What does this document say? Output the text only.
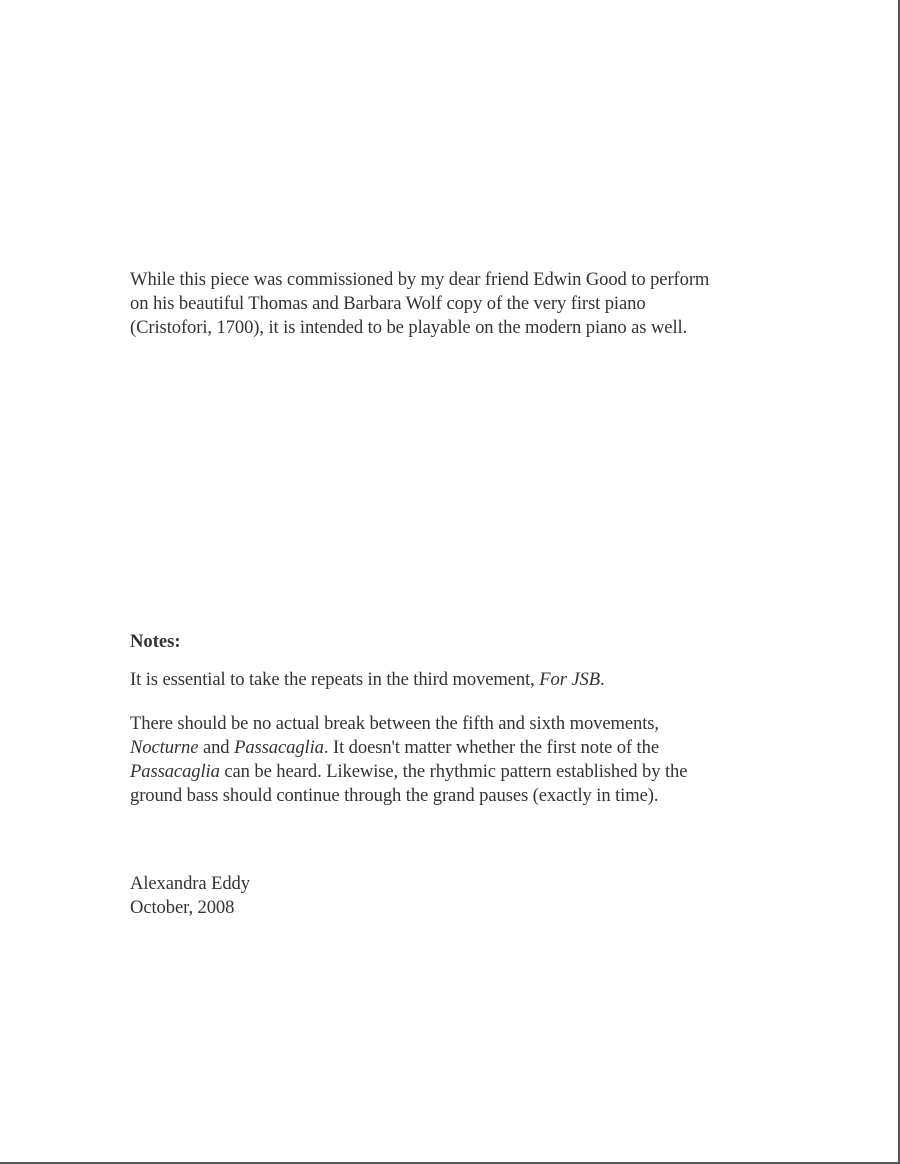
While this piece was commissioned by my dear friend Edwin Good to perform
on his beautiful Thomas and Barbara Wolf copy of the very first piano
(Cristofori, 1700), it is intended to be playable on the modern piano as well.
Notes:
It is essential to take the repeats in the third movement, For JSB.
There should be no actual break between the fifth and sixth movements,
Nocturne and Passacaglia. It doesn't matter whether the first note of the
Passacaglia can be heard. Likewise, the rhythmic pattern established by the
ground bass should continue through the grand pauses (exactly in time).
Alexandra Eddy
October, 2008
